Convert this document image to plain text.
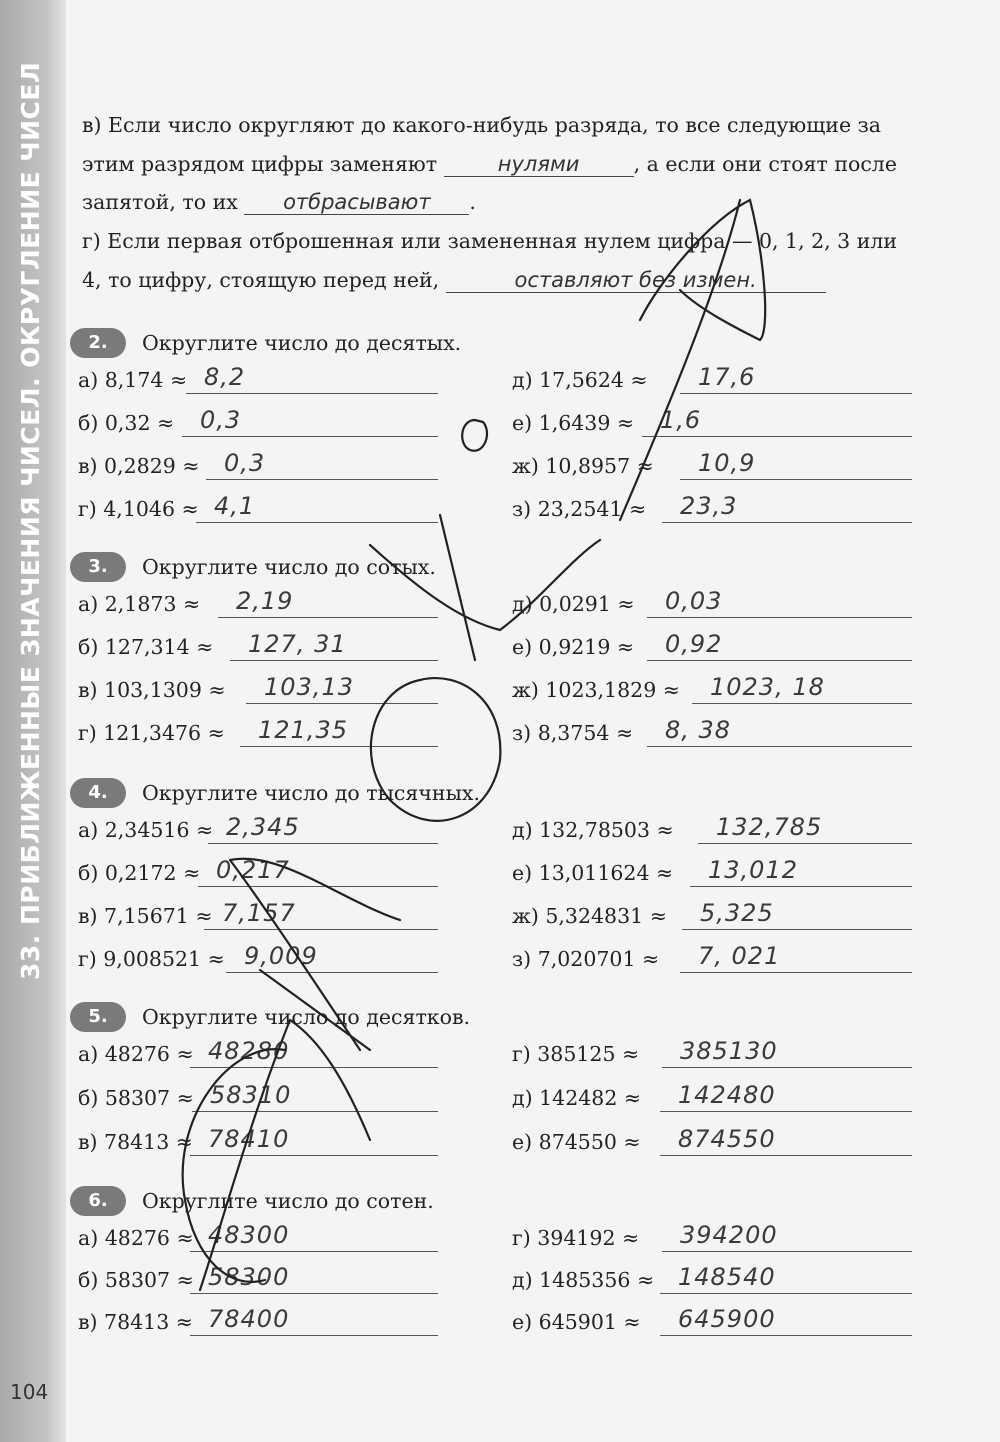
33. ПРИБЛИЖЕННЫЕ ЗНАЧЕНИЯ ЧИСЕЛ. ОКРУГЛЕНИЕ ЧИСЕЛ	в) Если число округляют до какого-нибудь разряда, то все следующие за этим разрядом цифры заменяют	нулями	, а если они стоят после запятой, то их отбрасывают .
г) Если первая отброшенная или замененная нулем цифра — 0, 1, 2, 3 или 4, то цифру, стоящую перед ней,	оставляют без измен.
2.	Округлите число до десятых.
а) 8,174 ≈ 8,2
б) 0,32 ≈ 0,3
в) 0,2829 ≈ 0,3
г) 4,1046 ≈ 4,1
д) 17,5624 ≈ 17,6
е) 1,6439 ≈ 1,6
ж) 10,8957 ≈ 10,9
з) 23,2541 ≈ 23,3
3.	Округлите число до сотых.
а) 2,1873 ≈ 2,19
б) 127,314 ≈ 127, 31
в) 103,1309 ≈ 103,13
г) 121,3476 ≈ 121,35
д) 0,0291 ≈ 0,03
е) 0,9219 ≈ 0,92
ж) 1023,1829 ≈ 1023, 18
з) 8,3754 ≈ 8, 38
4.	Округлите число до тысячных.
а) 2,34516 ≈ 2,345
б) 0,2172 ≈ 0,217
в) 7,15671 ≈ 7,157
г) 9,008521 ≈ 9,009
д) 132,78503 ≈ 132,785
е) 13,011624 ≈ 13,012
ж) 5,324831 ≈ 5,325
з) 7,020701 ≈ 7, 021
5.	Округлите число до десятков.
а) 48276 ≈ 48280
б) 58307 ≈ 58310
в) 78413 ≈ 78410
г) 385125 ≈ 385130
д) 142482 ≈ 142480
е) 874550 ≈ 874550
6.	Округлите число до сотен.
а) 48276 ≈ 48300
б) 58307 ≈ 58300
в) 78413 ≈ 78400
г) 394192 ≈ 394200
д) 1485356 ≈ 148540
е) 645901 ≈ 645900
104
